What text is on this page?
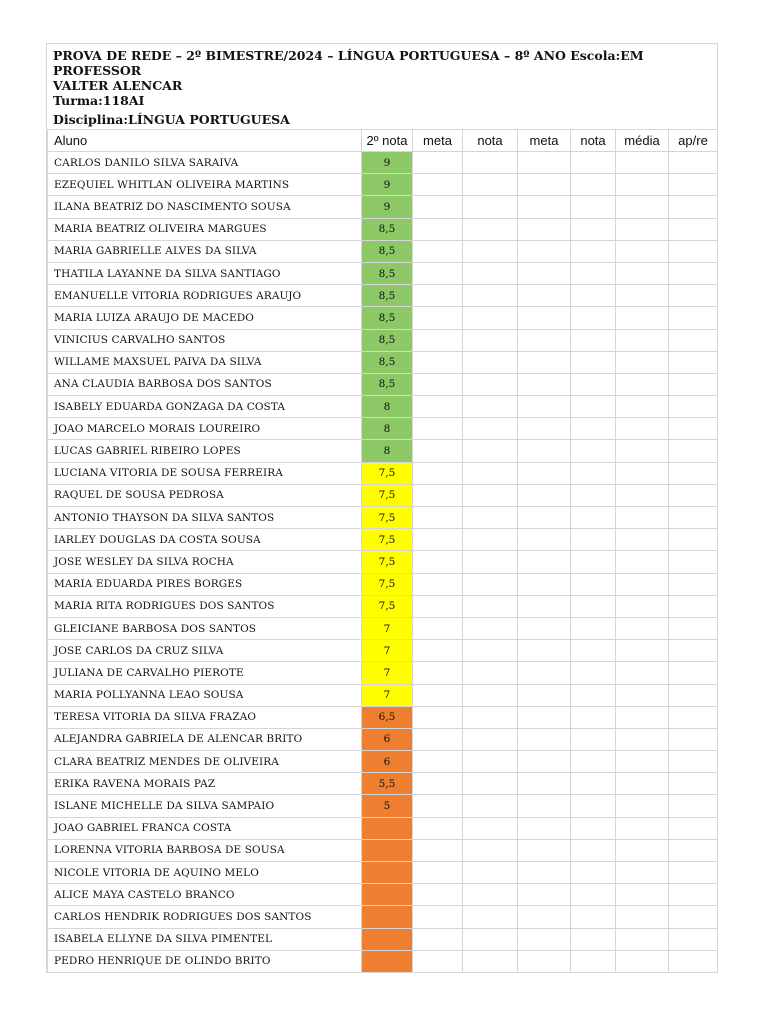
PROVA DE REDE – 2º BIMESTRE/2024 – LÍNGUA PORTUGUESA – 8º ANO Escola:EM PROFESSOR
VALTER ALENCAR
Turma:118AI
Disciplina:LÍNGUA PORTUGUESA
Aluno	2º nota	meta	nota	meta	nota	média	ap/re
CARLOS DANILO SILVA SARAIVA	9						
EZEQUIEL WHITLAN OLIVEIRA MARTINS	9						
ILANA BEATRIZ DO NASCIMENTO SOUSA	9						
MARIA BEATRIZ OLIVEIRA MARGUES	8,5						
MARIA GABRIELLE ALVES DA SILVA	8,5						
THATILA LAYANNE DA SILVA SANTIAGO	8,5						
EMANUELLE VITORIA RODRIGUES ARAUJO	8,5						
MARIA LUIZA ARAUJO DE MACEDO	8,5						
VINICIUS CARVALHO SANTOS	8,5						
WILLAME MAXSUEL PAIVA DA SILVA	8,5						
ANA CLAUDIA BARBOSA DOS SANTOS	8,5						
ISABELY EDUARDA GONZAGA DA COSTA	8						
JOAO MARCELO MORAIS LOUREIRO	8						
LUCAS GABRIEL RIBEIRO LOPES	8						
LUCIANA VITORIA DE SOUSA FERREIRA	7,5						
RAQUEL DE SOUSA PEDROSA	7,5						
ANTONIO THAYSON DA SILVA SANTOS	7,5						
IARLEY DOUGLAS DA COSTA SOUSA	7,5						
JOSE WESLEY DA SILVA ROCHA	7,5						
MARIA EDUARDA PIRES BORGES	7,5						
MARIA RITA RODRIGUES DOS SANTOS	7,5						
GLEICIANE BARBOSA DOS SANTOS	7						
JOSE CARLOS DA CRUZ SILVA	7						
JULIANA DE CARVALHO PIEROTE	7						
MARIA POLLYANNA LEAO SOUSA	7						
TERESA VITORIA DA SILVA FRAZAO	6,5						
ALEJANDRA GABRIELA DE ALENCAR BRITO	6						
CLARA BEATRIZ MENDES DE OLIVEIRA	6						
ERIKA RAVENA MORAIS PAZ	5,5						
ISLANE MICHELLE DA SILVA SAMPAIO	5						
JOAO GABRIEL FRANCA COSTA							
LORENNA VITORIA BARBOSA DE SOUSA							
NICOLE VITORIA DE AQUINO MELO							
ALICE MAYA CASTELO BRANCO							
CARLOS HENDRIK RODRIGUES DOS SANTOS							
ISABELA ELLYNE DA SILVA PIMENTEL							
PEDRO HENRIQUE DE OLINDO BRITO							
